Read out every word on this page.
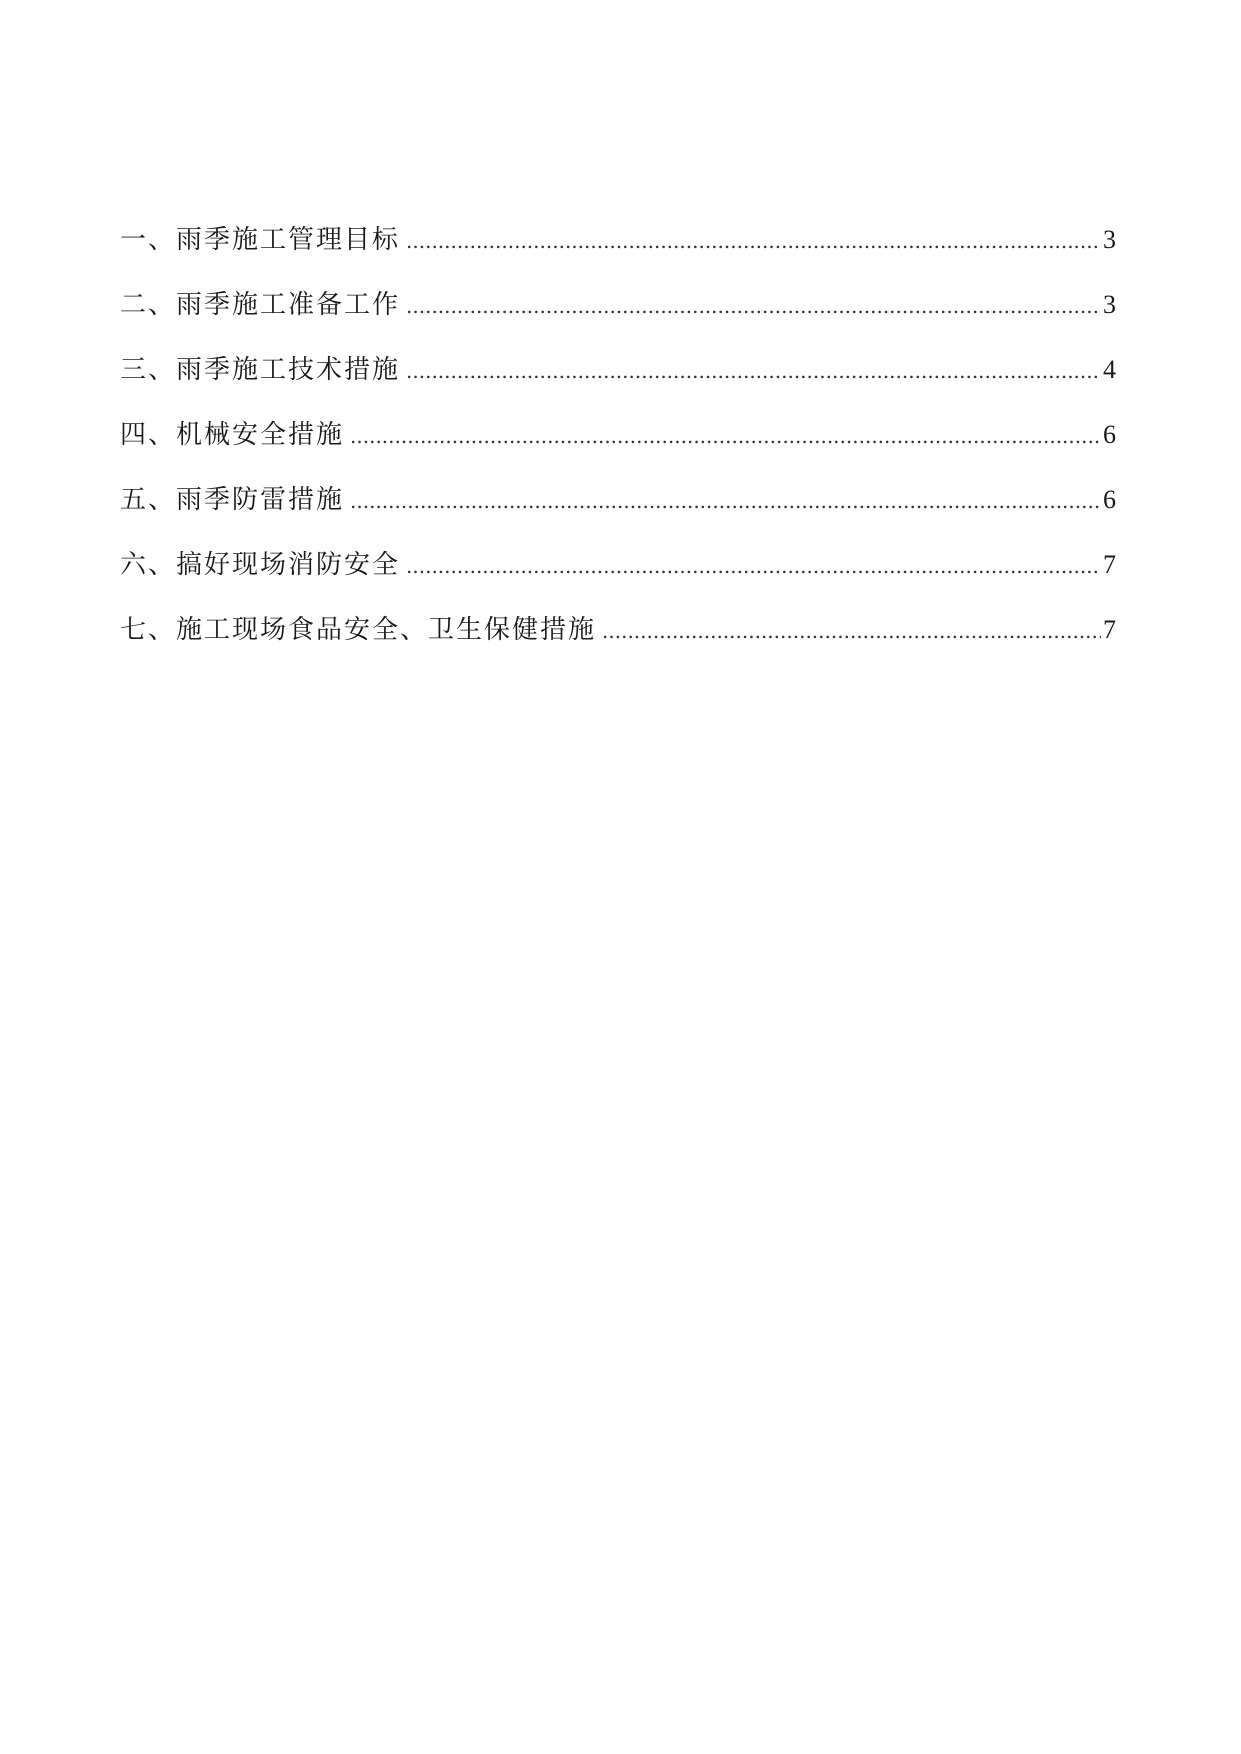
一、雨季施工管理目标 .....	3
二、雨季施工准备工作 .....	3
三、雨季施工技术措施 .....	4
四、机械安全措施 .....	6
五、雨季防雷措施 .....	6
六、搞好现场消防安全 .....	7
七、施工现场食品安全、卫生保健措施 .....	7
